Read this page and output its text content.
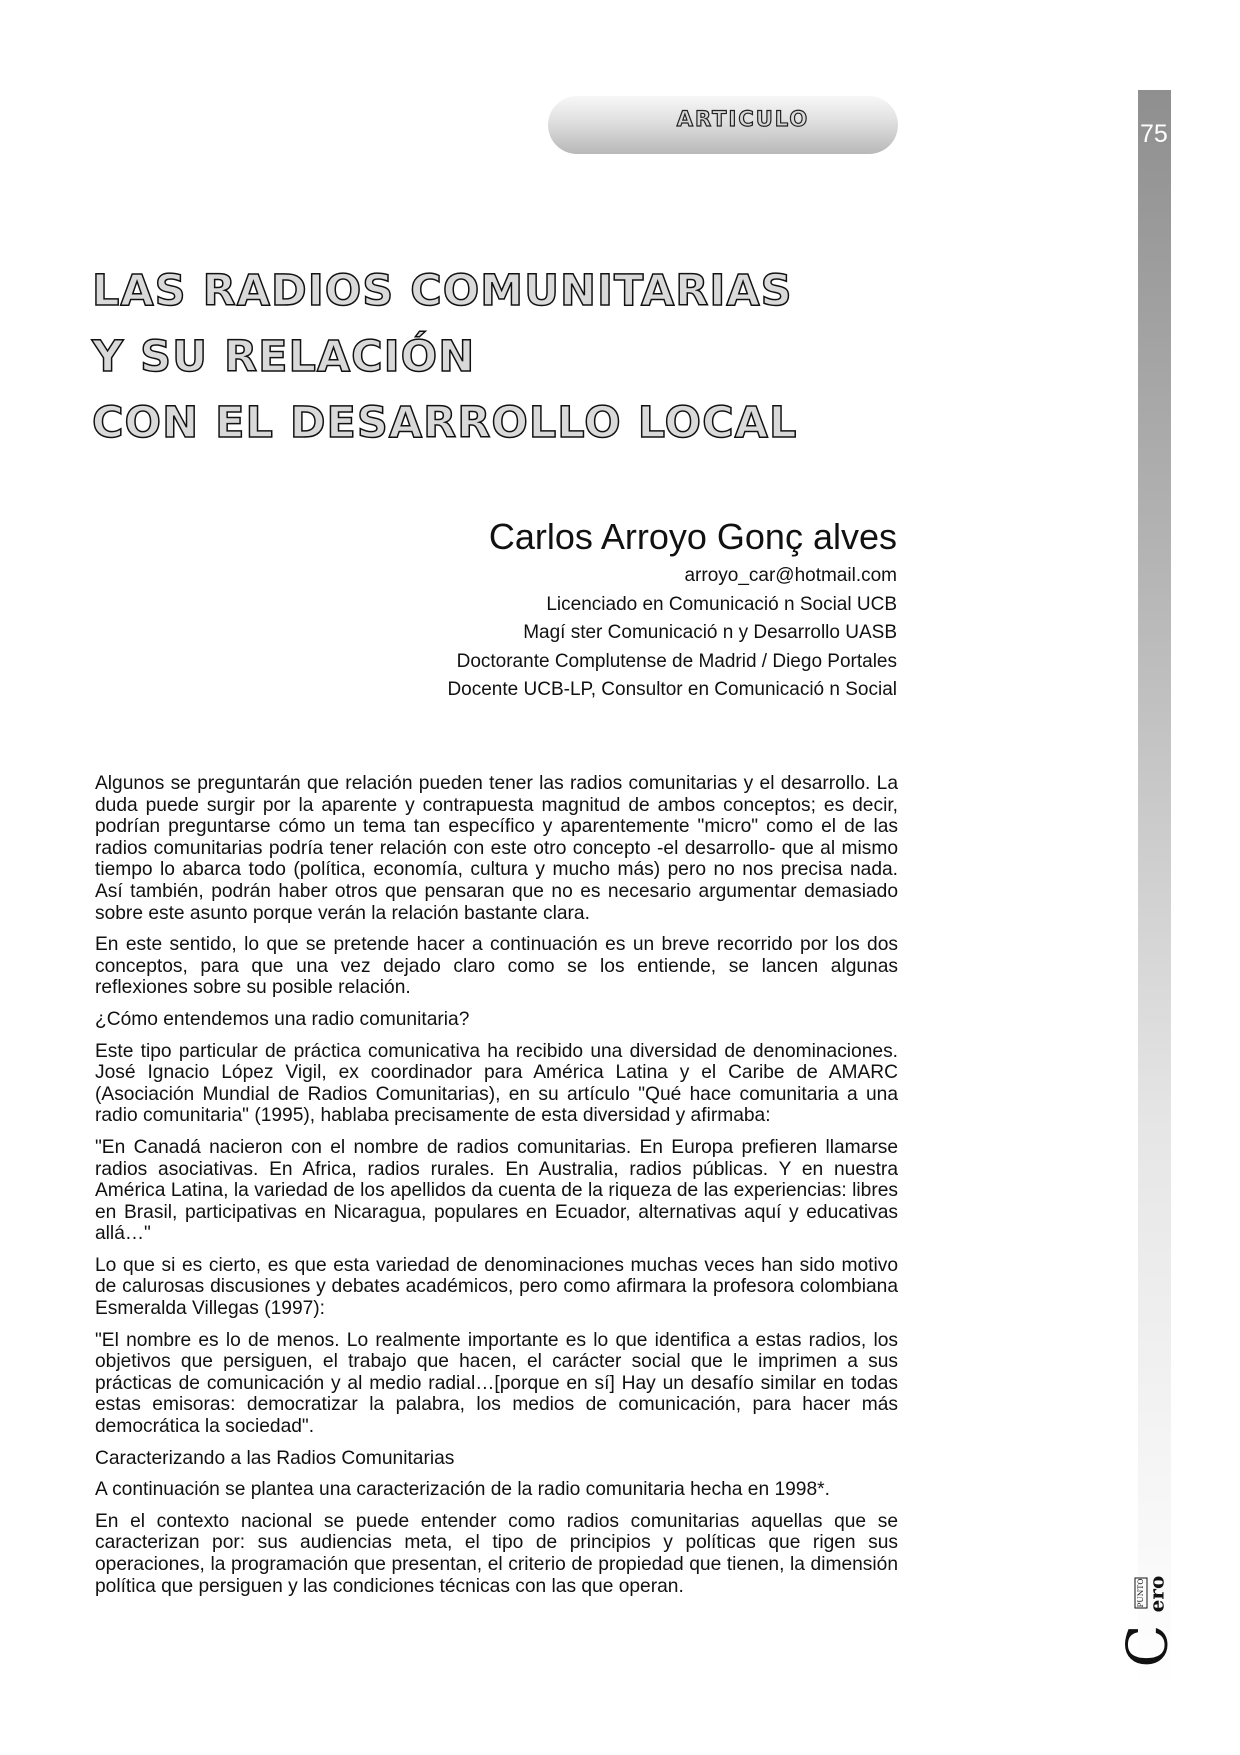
ARTICULO
75
LAS RADIOS COMUNITARIAS
Y SU RELACIÓN
CON EL DESARROLLO LOCAL
Carlos Arroyo Gonç alves
arroyo_car@hotmail.com
Licenciado en Comunicació n Social UCB
Magí ster Comunicació n y Desarrollo UASB
Doctorante Complutense de Madrid / Diego Portales
Docente UCB-LP, Consultor en Comunicació n Social

Algunos se preguntarán que relación pueden tener las radios comunitarias y el desarrollo. La duda puede surgir por la aparente y contrapuesta magnitud de ambos conceptos; es decir, podrían preguntarse cómo un tema tan específico y aparentemente "micro" como el de las radios comunitarias podría tener relación con este otro concepto -el desarrollo- que al mismo tiempo lo abarca todo (política, economía, cultura y mucho más) pero no nos precisa nada. Así también, podrán haber otros que pensaran que no es necesario argumentar demasiado sobre este asunto porque verán la relación bastante clara.

En este sentido, lo que se pretende hacer a continuación es un breve recorrido por los dos conceptos, para que una vez dejado claro como se los entiende, se lancen algunas reflexiones sobre su posible relación.

¿Cómo entendemos una radio comunitaria?

Este tipo particular de práctica comunicativa ha recibido una diversidad de denominaciones. José Ignacio López Vigil, ex coordinador para América Latina y el Caribe de AMARC (Asociación Mundial de Radios Comunitarias), en su artículo "Qué hace comunitaria a una radio comunitaria" (1995), hablaba precisamente de esta diversidad y afirmaba:

"En Canadá nacieron con el nombre de radios comunitarias. En Europa prefieren llamarse radios asociativas. En Africa, radios rurales. En Australia, radios públicas. Y en nuestra América Latina, la variedad de los apellidos da cuenta de la riqueza de las experiencias: libres en Brasil, participativas en Nicaragua, populares en Ecuador, alternativas aquí y educativas allá…"

Lo que si es cierto, es que esta variedad de denominaciones muchas veces han sido motivo de calurosas discusiones y debates académicos, pero como afirmara la profesora colombiana Esmeralda Villegas (1997):

"El nombre es lo de menos. Lo realmente importante es lo que identifica a estas radios, los objetivos que persiguen, el trabajo que hacen, el carácter social que le imprimen a sus prácticas de comunicación y al medio radial…[porque en sí] Hay un desafío similar en todas estas emisoras: democratizar la palabra, los medios de comunicación, para hacer más democrática la sociedad".

Caracterizando a las Radios Comunitarias

A continuación se plantea una caracterización de la radio comunitaria hecha en 1998*.

En el contexto nacional se puede entender como radios comunitarias aquellas que se caracterizan por: sus audiencias meta, el tipo de principios y políticas que rigen sus operaciones, la programación que presentan, el criterio de propiedad que tienen, la dimensión política que persiguen y las condiciones técnicas con las que operan.	PUNTO ero
C
